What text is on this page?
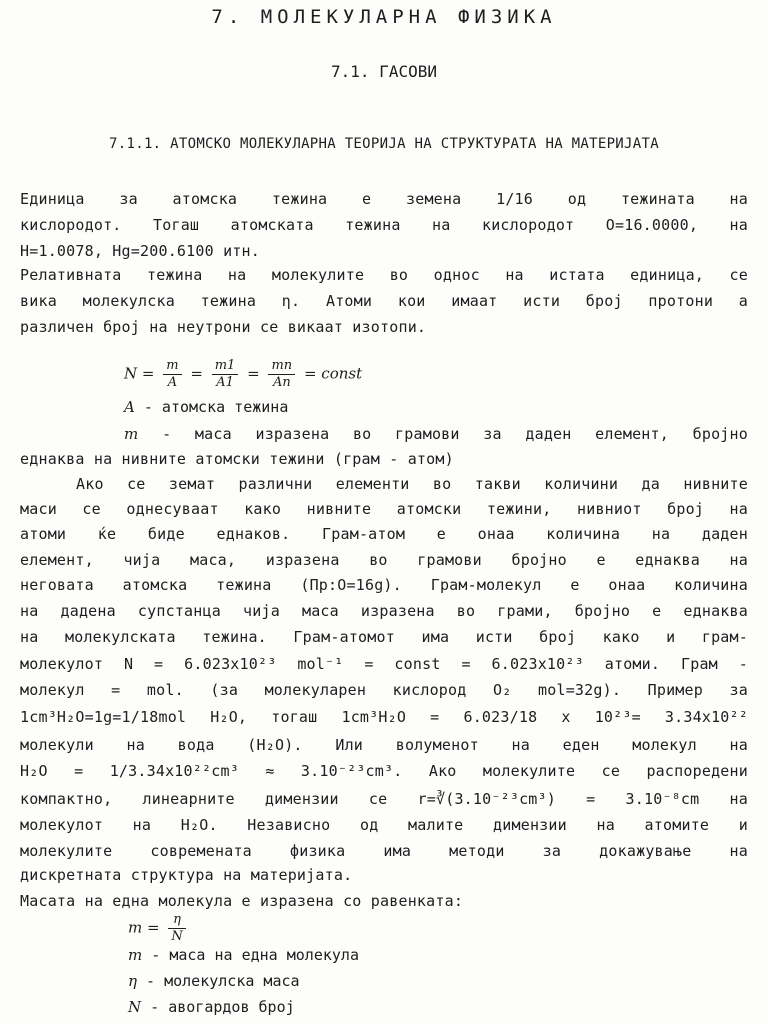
7. МОЛЕКУЛАРНА ФИЗИКА
7.1. ГАСОВИ
7.1.1. АТОМСКО МОЛЕКУЛАРНА ТЕОРИЈА НА СТРУКТУРАТА НА МАТЕРИЈАТА
Единица за атомска тежина е земена 1/16 од тежината на
кислородот. Тогаш атомската тежина на кислородот О=16.0000, на
H=1.0078, Hg=200.6100 итн.
Релативната тежина на молекулите во однос на истата единица, се
вика молекулска тежина η. Атоми кои имаат исти број протони а
различен број на неутрони се викаат изотопи.
$N = \frac{m}{A} = \frac{m1}{A1} = \frac{mn}{An}$ = const
A - атомска тежина
m - маса изразена во грамови за даден елемент, бројно
еднаква на нивните атомски тежини (грам - атом)
Ако се земат различни елементи во такви количини да нивните
маси се однесуваат како нивните атомски тежини, нивниот број на
атоми ќе биде еднаков. Грам-атом е онаа количина на даден
елемент, чија маса, изразена во грамови бројно е еднаква на
неговата атомска тежина (Пр:О=16g). Грам-молекул е онаа количина
на дадена супстанца чија маса изразена во грами, бројно е еднаква
на молекулската тежина. Грам-атомот има исти број како и грам-
молекулот N = 6.023x10²³ mol⁻¹ = const = 6.023x10²³ атоми. Грам -
молекул = mol. (за молекуларен кислород O₂ mol=32g). Пример за
1cm³H₂O=1g=1/18mol H₂O, тогаш 1cm³H₂O = 6.023/18 x 10²³= 3.34x10²²
молекули на вода (H₂O). Или волуменот на еден молекул на
H₂O = 1/3.34x10²²cm³ ≈ 3.10⁻²³cm³. Ако молекулите се распоредени
компактно, линеарните димензии се r=∛(3.10⁻²³cm³) = 3.10⁻⁸cm на
молекулот на H₂O. Независно од малите димензии на атомите и
молекулите современата физика има методи за докажување на
дискретната структура на материјата.
Масата на една молекула е изразена со равенката:
$m = \frac{\eta}{N}$
m - маса на една молекула
η - молекулска маса
N - авогардов број
